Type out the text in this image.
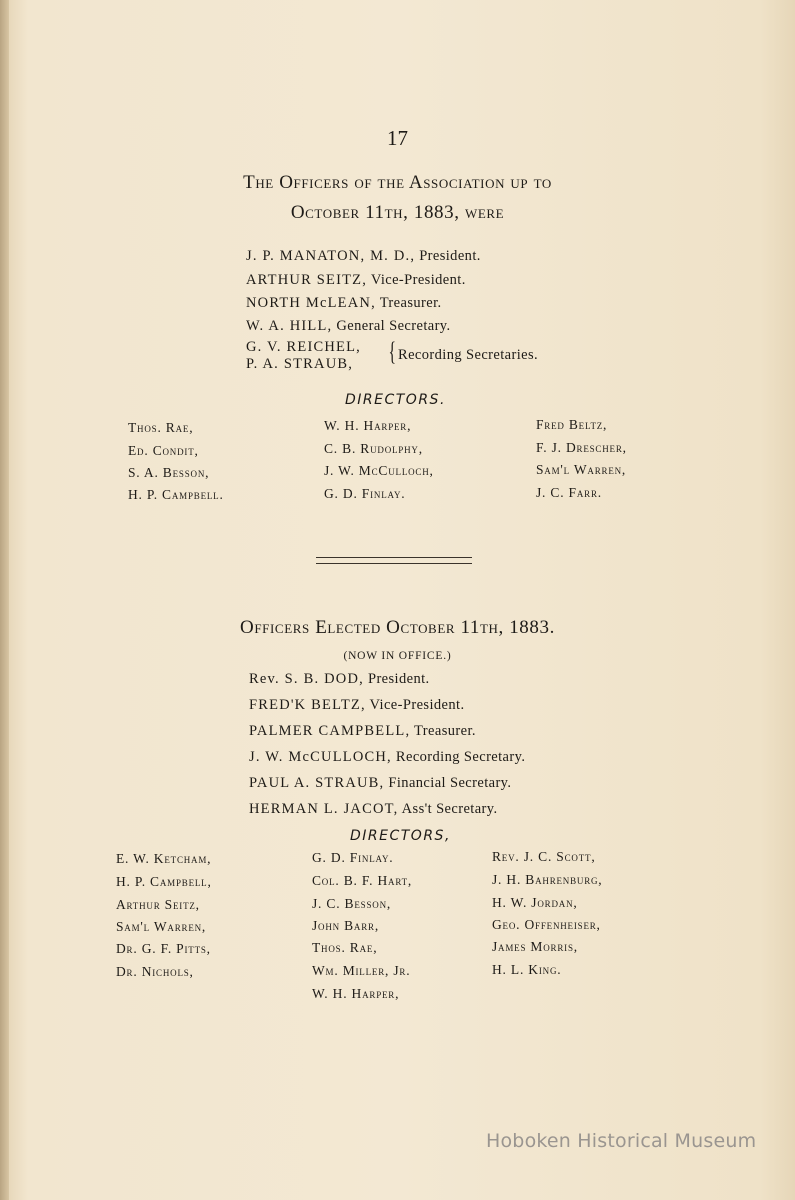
17
The Officers of the Association up to
October 11th, 1883, were
J. P. MANATON, M. D., President.
ARTHUR SEITZ, Vice-President.
NORTH McLEAN, Treasurer.
W. A. HILL, General Secretary.
G. V. REICHEL,
P. A. STRAUB, { Recording Secretaries.
DIRECTORS.
Thos. Rae,
Ed. Condit,
S. A. Besson,
H. P. Campbell.
W. H. Harper,
C. B. Rudolphy,
J. W. McCulloch,
G. D. Finlay.
Fred Beltz,
F. J. Drescher,
Sam'l Warren,
J. C. Farr.
Officers Elected October 11th, 1883.
(NOW IN OFFICE.)
Rev. S. B. DOD, President.
FRED'K BELTZ, Vice-President.
PALMER CAMPBELL, Treasurer.
J. W. McCULLOCH, Recording Secretary.
PAUL A. STRAUB, Financial Secretary.
HERMAN L. JACOT, Ass't Secretary.
DIRECTORS,
E. W. Ketcham,
H. P. Campbell,
Arthur Seitz,
Sam'l Warren,
Dr. G. F. Pitts,
Dr. Nichols,
G. D. Finlay.
Col. B. F. Hart,
J. C. Besson,
John Barr,
Thos. Rae,
Wm. Miller, Jr.
W. H. Harper,
Rev. J. C. Scott,
J. H. Bahrenburg,
H. W. Jordan,
Geo. Offenheiser,
James Morris,
H. L. King.
Hoboken Historical Museum
